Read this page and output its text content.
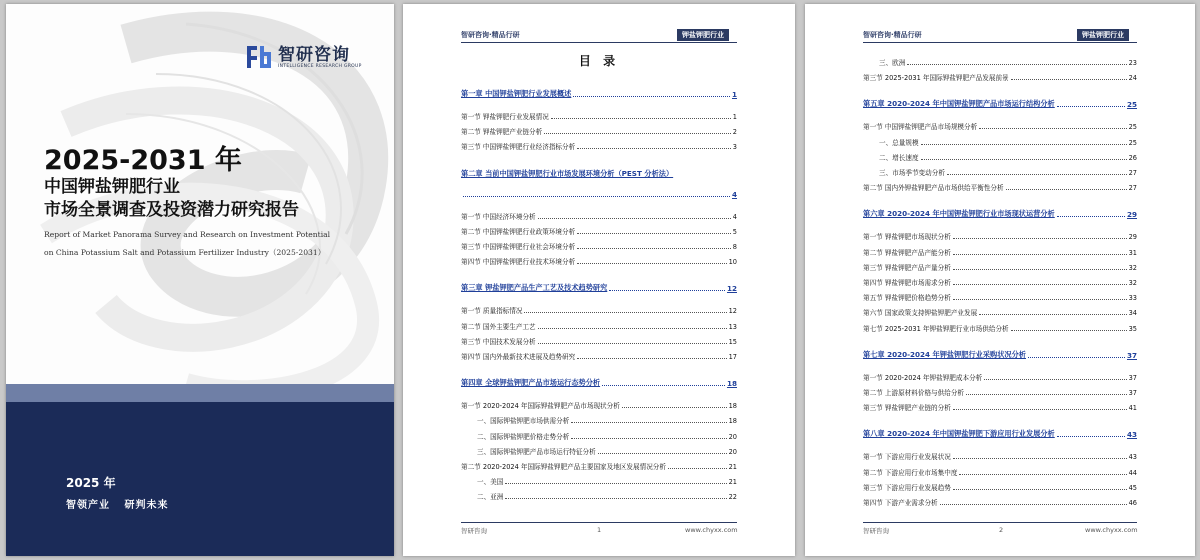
智研咨询
INTELLIGENCE RESEARCH GROUP
2025-2031 年
中国钾盐钾肥行业
市场全景调查及投资潜力研究报告
Report of Market Panorama Survey and Research on Investment Potential
on China Potassium Salt and Potassium Fertilizer Industry（2025-2031）
2025 年
智领产业 研判未来
智研咨询·精品行研	钾盐钾肥行业
目 录
第一章 中国钾盐钾肥行业发展概述	1
第一节 钾盐钾肥行业发展情况	1
第二节 钾盐钾肥产业链分析	2
第三节 中国钾盐钾肥行业经济指标分析	3
第二章 当前中国钾盐钾肥行业市场发展环境分析（PEST 分析法）
4
第一节 中国经济环境分析	4
第二节 中国钾盐钾肥行业政策环境分析	5
第三节 中国钾盐钾肥行业社会环境分析	8
第四节 中国钾盐钾肥行业技术环境分析	10
第三章 钾盐钾肥产品生产工艺及技术趋势研究	12
第一节 质量指标情况	12
第二节 国外主要生产工艺	13
第三节 中国技术发展分析	15
第四节 国内外最新技术进展及趋势研究	17
第四章 全球钾盐钾肥产品市场运行态势分析	18
第一节 2020-2024 年国际钾盐钾肥产品市场现状分析	18
一、国际钾盐钾肥市场供需分析	18
二、国际钾盐钾肥价格走势分析	20
三、国际钾盐钾肥产品市场运行特征分析	20
第二节 2020-2024 年国际钾盐钾肥产品主要国家及地区发展情况分析	21
一、美国	21
二、亚洲	22
智研咨询	1	www.chyxx.com
智研咨询·精品行研	钾盐钾肥行业
三、欧洲	23
第三节 2025-2031 年国际钾盐钾肥产品发展前景	24
第五章 2020-2024 年中国钾盐钾肥产品市场运行结构分析	25
第一节 中国钾盐钾肥产品市场规模分析	25
一、总量规模	25
二、增长速度	26
三、市场季节变动分析	27
第二节 国内外钾盐钾肥产品市场供给平衡性分析	27
第六章 2020-2024 年中国钾盐钾肥行业市场现状运营分析	29
第一节 钾盐钾肥市场现状分析	29
第二节 钾盐钾肥产品产能分析	31
第三节 钾盐钾肥产品产量分析	32
第四节 钾盐钾肥市场需求分析	32
第五节 钾盐钾肥价格趋势分析	33
第六节 国家政策支持钾盐钾肥产业发展	34
第七节 2025-2031 年钾盐钾肥行业市场供给分析	35
第七章 2020-2024 年钾盐钾肥行业采购状况分析	37
第一节 2020-2024 年钾盐钾肥成本分析	37
第二节 上游原材料价格与供给分析	37
第三节 钾盐钾肥产业链的分析	41
第八章 2020-2024 年中国钾盐钾肥下游应用行业发展分析	43
第一节 下游应用行业发展状况	43
第二节 下游应用行业市场集中度	44
第三节 下游应用行业发展趋势	45
第四节 下游产业需求分析	46
智研咨询	2	www.chyxx.com
